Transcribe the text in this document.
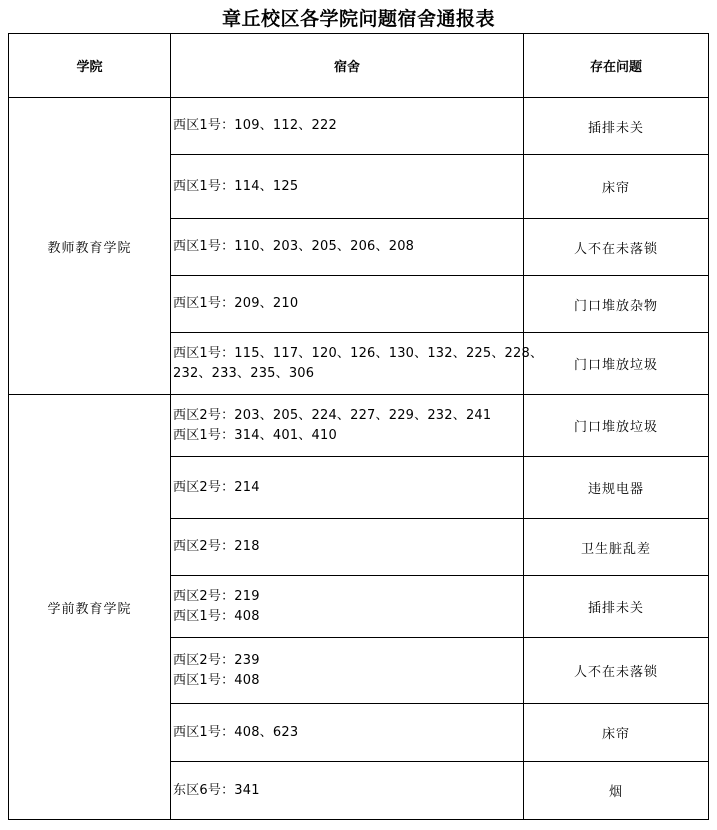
章丘校区各学院问题宿舍通报表
学院	宿舍	存在问题
教师教育学院	西区1号：109、112、222	插排未关

	西区1号：114、125	床帘

	西区1号：110、203、205、206、208	人不在未落锁

	西区1号：209、210	门口堆放杂物

	西区1号：115、117、120、126、130、132、225、228、
232、233、235、306	门口堆放垃圾
学前教育学院	西区2号：203、205、224、227、229、232、241
西区1号：314、401、410	门口堆放垃圾

	西区2号：214	违规电器

	西区2号：218	卫生脏乱差

	西区2号：219
西区1号：408	插排未关

	西区2号：239
西区1号：408	人不在未落锁

	西区1号：408、623	床帘

	东区6号：341	烟
